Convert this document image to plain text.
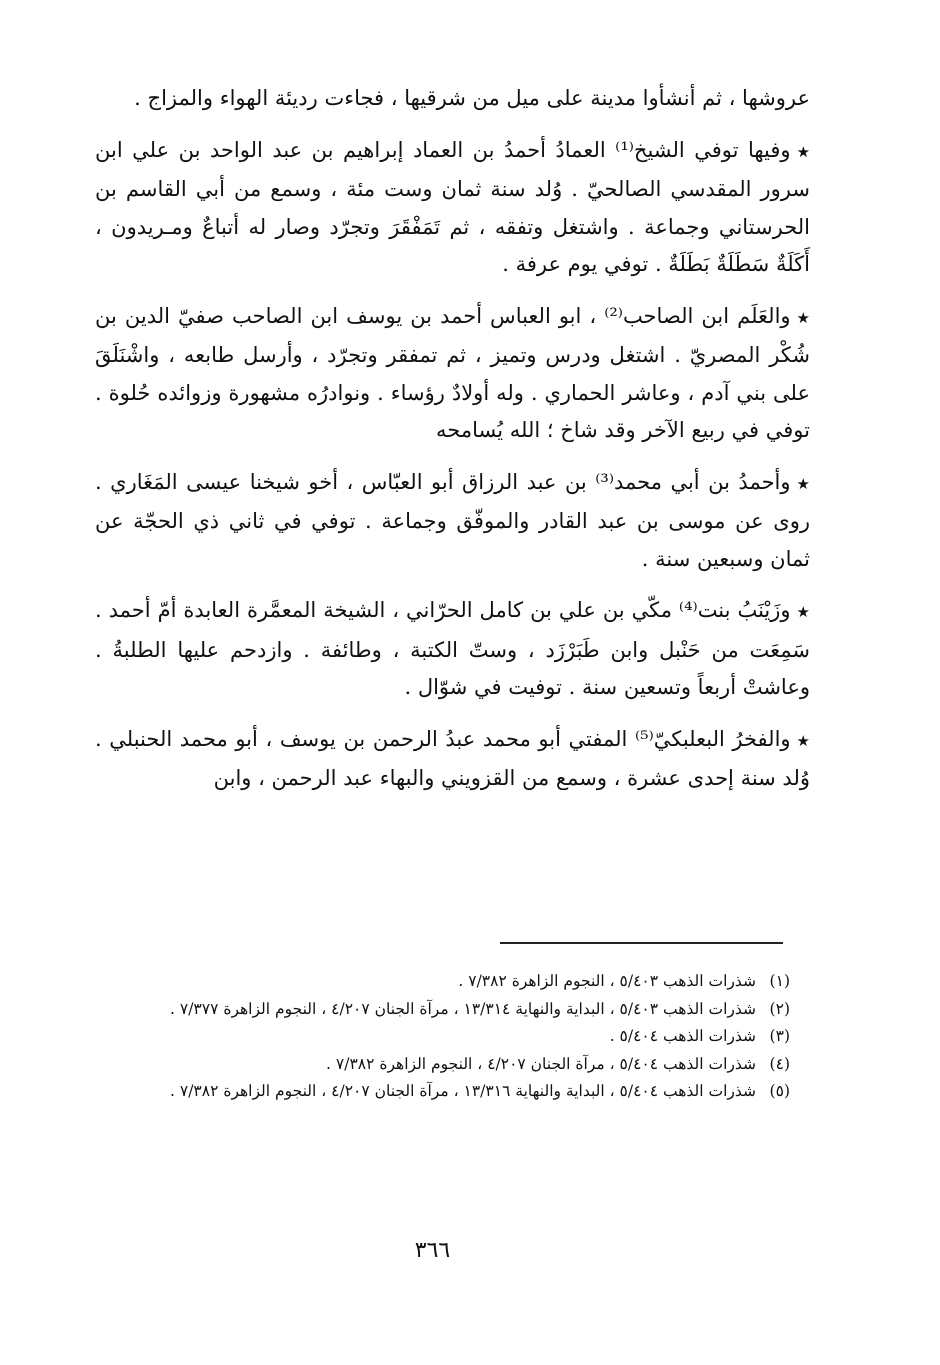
عروشها ، ثم أنشأوا مدينة على ميل من شرقيها ، فجاءت رديئة الهواء والمزاج .

★وفيها توفي الشيخ⁽¹⁾ العمادُ أحمدُ بن العماد إبراهيم بن عبد الواحد بن علي ابن سرور المقدسي الصالحيّ . وُلد سنة ثمان وست مئة ، وسمع من أبي القاسم بن الحرستاني وجماعة . واشتغل وتفقه ، ثم تَمَفْقَرَ وتجرّد وصار له أتباعٌ ومـريدون ، أَكَلَةٌ سَطَلَةٌ بَطَلَةٌ . توفي يوم عرفة .

★والعَلَم ابن الصاحب⁽²⁾ ، ابو العباس أحمد بن يوسف ابن الصاحب صفيّ الدين بن شُكْر المصريّ . اشتغل ودرس وتميز ، ثم تمفقر وتجرّد ، وأرسل طابعه ، واشْنَلَقَ على بني آدم ، وعاشر الحماري . وله أولادٌ رؤساء . ونوادرُه مشهورة وزوائده حُلوة . توفي في ربيع الآخر وقد شاخ ؛ الله يُسامحه

★وأحمدُ بن أبي محمد⁽³⁾ بن عبد الرزاق أبو العبّاس ، أخو شيخنا عيسى المَغَاري . روى عن موسى بن عبد القادر والموفّق وجماعة . توفي في ثاني ذي الحجّة عن ثمان وسبعين سنة .

★وزَيْنَبُ بنت⁽⁴⁾ مكّي بن علي بن كامل الحرّاني ، الشيخة المعمَّرة العابدة أمّ أحمد . سَمِعَت من حَنْبل وابن طَبَرْزَد ، وستّ الكتبة ، وطائفة . وازدحم عليها الطلبةُ . وعاشتْ أربعاً وتسعين سنة . توفيت في شوّال .

★والفخرُ البعلبكيّ⁽⁵⁾ المفتي أبو محمد عبدُ الرحمن بن يوسف ، أبو محمد الحنبلي . وُلد سنة إحدى عشرة ، وسمع من القزويني والبهاء عبد الرحمن ، وابن

(١)
شذرات الذهب ٥/٤٠٣ ، النجوم الزاهرة ٧/٣٨٢ .
(٢)
شذرات الذهب ٥/٤٠٣ ، البداية والنهاية ١٣/٣١٤ ، مرآة الجنان ٤/٢٠٧ ، النجوم الزاهرة ٧/٣٧٧ .
(٣)
شذرات الذهب ٥/٤٠٤ .
(٤)
شذرات الذهب ٥/٤٠٤ ، مرآة الجنان ٤/٢٠٧ ، النجوم الزاهرة ٧/٣٨٢ .
(٥)
شذرات الذهب ٥/٤٠٤ ، البداية والنهاية ١٣/٣١٦ ، مرآة الجنان ٤/٢٠٧ ، النجوم الزاهرة ٧/٣٨٢ .
٣٦٦
